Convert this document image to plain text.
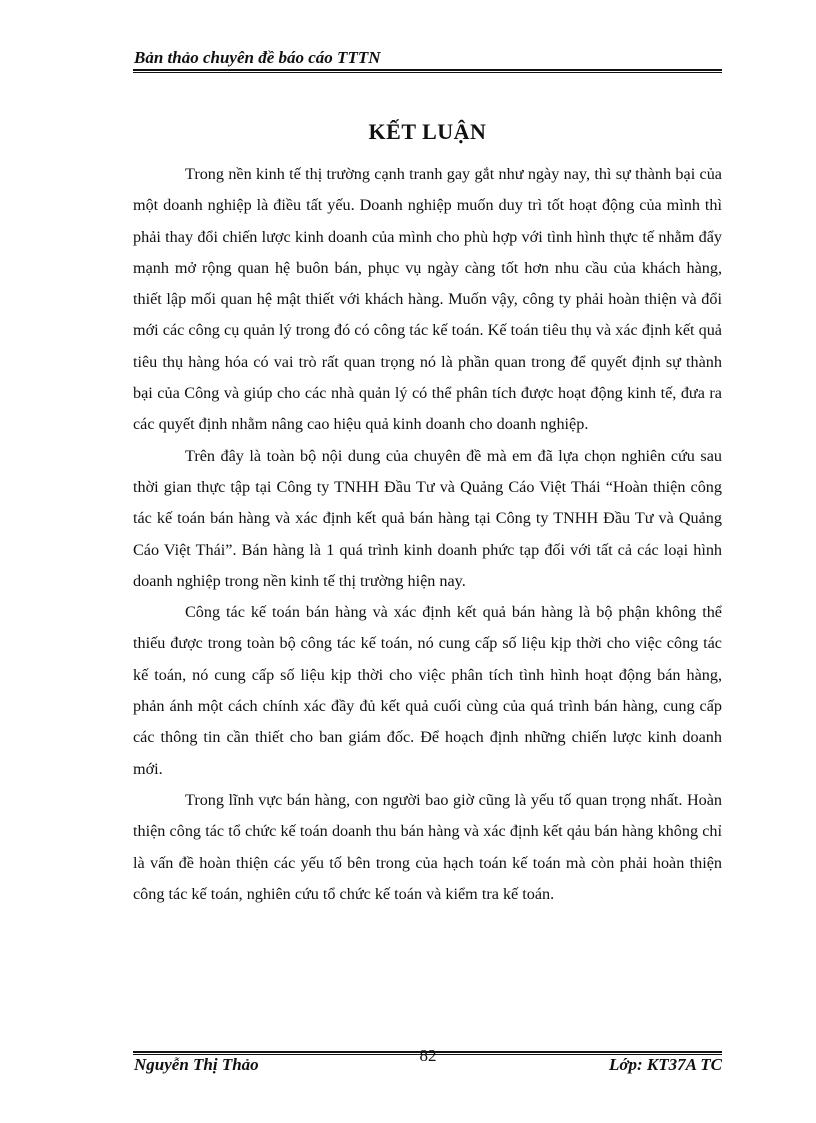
Bản thảo chuyên đề báo cáo TTTN
KẾT LUẬN

Trong nền kinh tế thị trường cạnh tranh gay gắt như ngày nay, thì sự thành bại của một doanh nghiệp là điều tất yếu. Doanh nghiệp muốn duy trì tốt hoạt động của mình thì phải thay đổi chiến lược kinh doanh của mình cho phù hợp với tình hình thực tế nhằm đẩy mạnh mở rộng quan hệ buôn bán, phục vụ ngày càng tốt hơn nhu cầu của khách hàng, thiết lập mối quan hệ mật thiết với khách hàng. Muốn vậy, công ty phải hoàn thiện và đổi mới các công cụ quản lý trong đó có công tác kế toán. Kế toán tiêu thụ và xác định kết quả tiêu thụ hàng hóa có vai trò rất quan trọng nó là phần quan trong để quyết định sự thành bại của Công và giúp cho các nhà quản lý có thể phân tích được hoạt động kinh tế, đưa ra các quyết định nhằm nâng cao hiệu quả kinh doanh cho doanh nghiệp.

Trên đây là toàn bộ nội dung của chuyên đề mà em đã lựa chọn nghiên cứu sau thời gian thực tập tại Công ty TNHH Đầu Tư và Quảng Cáo Việt Thái “Hoàn thiện công tác kế toán bán hàng và xác định kết quả bán hàng tại Công ty TNHH Đầu Tư và Quảng Cáo Việt Thái”. Bán hàng là 1 quá trình kinh doanh phức tạp đối với tất cả các loại hình doanh nghiệp trong nền kinh tế thị trường hiện nay.

Công tác kế toán bán hàng và xác định kết quả bán hàng là bộ phận không thể thiếu được trong toàn bộ công tác kế toán, nó cung cấp số liệu kịp thời cho việc công tác kế toán, nó cung cấp số liệu kịp thời cho việc phân tích tình hình hoạt động bán hàng, phản ánh một cách chính xác đầy đủ kết quả cuối cùng của quá trình bán hàng, cung cấp các thông tin cần thiết cho ban giám đốc. Để hoạch định những chiến lược kinh doanh mới.

Trong lĩnh vực bán hàng, con người bao giờ cũng là yếu tố quan trọng nhất. Hoàn thiện công tác tổ chức kế toán doanh thu bán hàng và xác định kết qảu bán hàng không chỉ là vấn đề hoàn thiện các yếu tố bên trong của hạch toán kế toán mà còn phải hoàn thiện công tác kế toán, nghiên cứu tổ chức kế toán và kiểm tra kế toán.

Nguyễn Thị Thảo	82	Lớp: KT37A TC
